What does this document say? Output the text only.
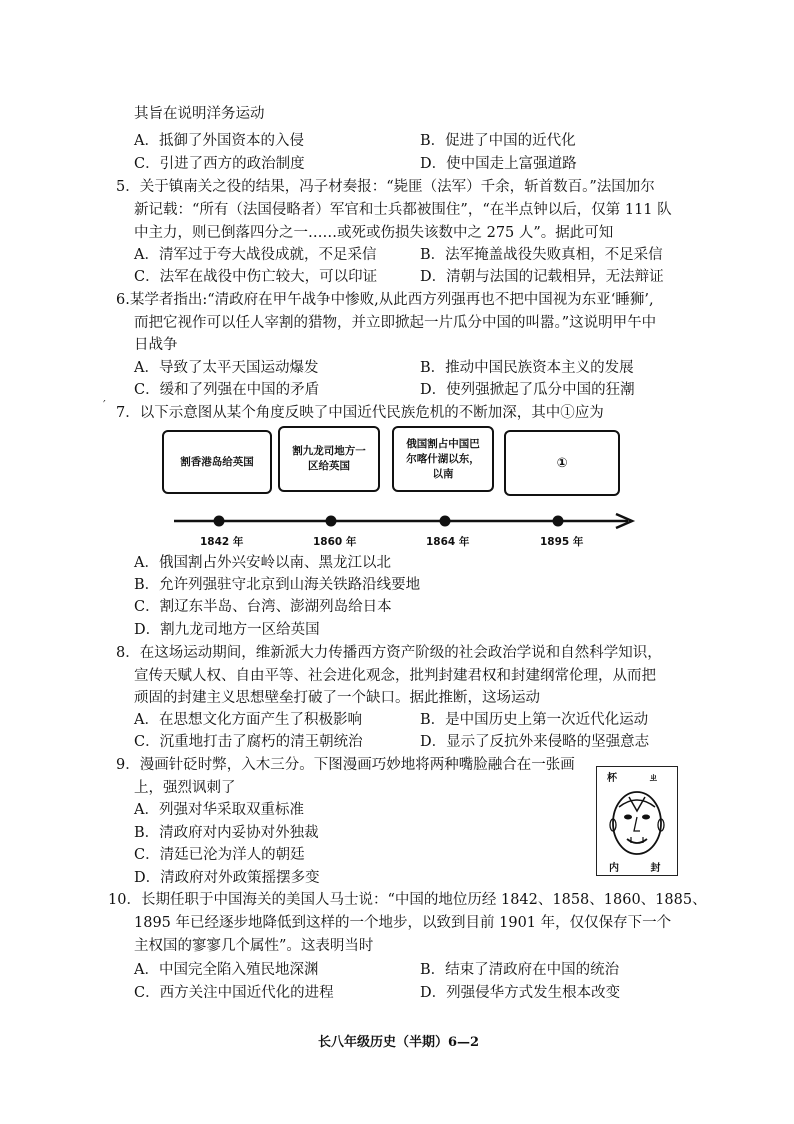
其旨在说明洋务运动
A．抵御了外国资本的入侵	B．促进了中国的近代化
C．引进了西方的政治制度	D．使中国走上富强道路
5．关于镇南关之役的结果，冯子材奏报：“毙匪（法军）千余，斩首数百。”法国加尔
新记载：“所有（法国侵略者）军官和士兵都被围住”，“在半点钟以后，仅第 111 队
中主力，则已倒落四分之一……或死或伤损失该数中之 275 人”。据此可知
A．清军过于夸大战役成就，不足采信	B．法军掩盖战役失败真相，不足采信
C．法军在战役中伤亡较大，可以印证	D．清朝与法国的记载相异，无法辩证
6.某学者指出:“清政府在甲午战争中惨败,从此西方列强再也不把中国视为东亚‘睡狮’,
而把它视作可以任人宰割的猎物，并立即掀起一片瓜分中国的叫嚣。”这说明甲午中
日战争
A．导致了太平天国运动爆发	B．推动中国民族资本主义的发展
C．缓和了列强在中国的矛盾	D．使列强掀起了瓜分中国的狂潮
′ 7．以下示意图从某个角度反映了中国近代民族危机的不断加深，其中①应为
割香港岛给英国
割九龙司地方一区给英国
俄国割占中国巴尔喀什湖以东，以南
①
1842 年	1860 年	1864 年	1895 年
A．俄国割占外兴安岭以南、黑龙江以北
B．允许列强驻守北京到山海关铁路沿线要地
C．割辽东半岛、台湾、澎湖列岛给日本
D．割九龙司地方一区给英国
8．在这场运动期间，维新派大力传播西方资产阶级的社会政治学说和自然科学知识，
宣传天赋人权、自由平等、社会进化观念，批判封建君权和封建纲常伦理，从而把
顽固的封建主义思想壁垒打破了一个缺口。据此推断，这场运动
A．在思想文化方面产生了积极影响	B．是中国历史上第一次近代化运动
C．沉重地打击了腐朽的清王朝统治	D．显示了反抗外来侵略的坚强意志
9．漫画针砭时弊，入木三分。下图漫画巧妙地将两种嘴脸融合在一张画
上，强烈讽刺了
A．列强对华采取双重标准
B．清政府对内妥协对外独裁
C．清廷已沦为洋人的朝廷
D．清政府对外政策摇摆多变
杯 ㄓ
内 封
10．长期任职于中国海关的美国人马士说：“中国的地位历经 1842、1858、1860、1885、
1895 年已经逐步地降低到这样的一个地步，以致到目前 1901 年，仅仅保存下一个
主权国的寥寥几个属性”。这表明当时
A．中国完全陷入殖民地深渊	B．结束了清政府在中国的统治
C．西方关注中国近代化的进程	D．列强侵华方式发生根本改变
长八年级历史（半期）6—2
